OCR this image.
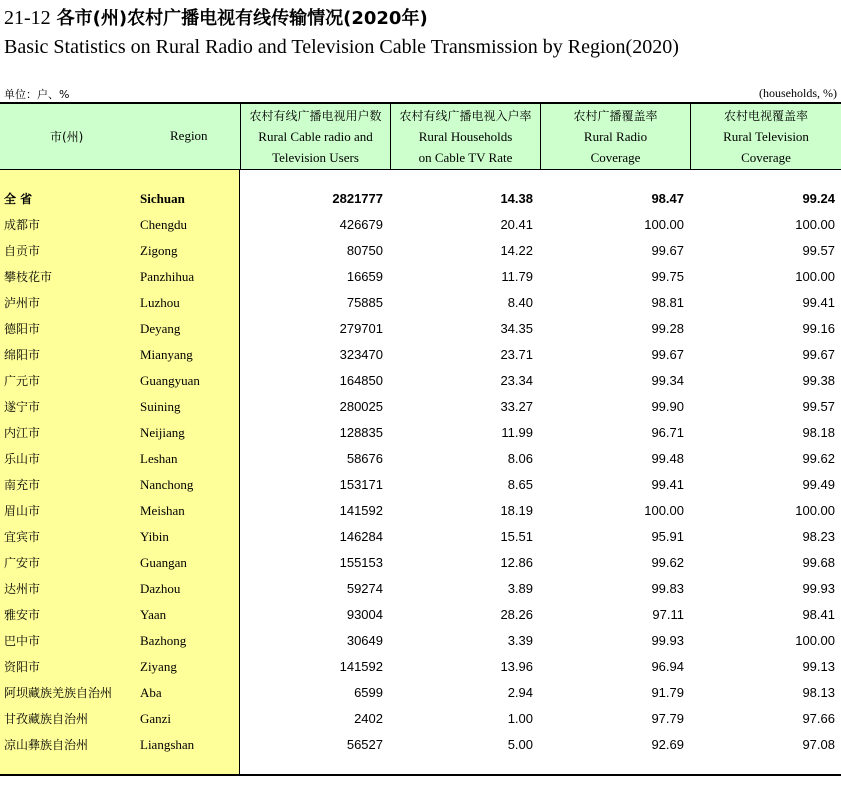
21-12 各市(州)农村广播电视有线传输情况(2020年)
Basic Statistics on Rural Radio and Television Cable Transmission by Region(2020)
单位：户、%	(households, %)
市(州)	Region
农村有线广播电视用户数
Rural Cable radio and
Television Users
农村有线广播电视入户率
Rural Households
on Cable TV Rate
农村广播覆盖率
Rural Radio
Coverage
农村电视覆盖率
Rural Television
Coverage
全 省	Sichuan	2821777	14.38	98.47	99.24
成都市	Chengdu	426679	20.41	100.00	100.00
自贡市	Zigong	80750	14.22	99.67	99.57
攀枝花市	Panzhihua	16659	11.79	99.75	100.00
泸州市	Luzhou	75885	8.40	98.81	99.41
德阳市	Deyang	279701	34.35	99.28	99.16
绵阳市	Mianyang	323470	23.71	99.67	99.67
广元市	Guangyuan	164850	23.34	99.34	99.38
遂宁市	Suining	280025	33.27	99.90	99.57
内江市	Neijiang	128835	11.99	96.71	98.18
乐山市	Leshan	58676	8.06	99.48	99.62
南充市	Nanchong	153171	8.65	99.41	99.49
眉山市	Meishan	141592	18.19	100.00	100.00
宜宾市	Yibin	146284	15.51	95.91	98.23
广安市	Guangan	155153	12.86	99.62	99.68
达州市	Dazhou	59274	3.89	99.83	99.93
雅安市	Yaan	93004	28.26	97.11	98.41
巴中市	Bazhong	30649	3.39	99.93	100.00
资阳市	Ziyang	141592	13.96	96.94	99.13
阿坝藏族羌族自治州 Aba	6599	2.94	91.79	98.13
甘孜藏族自治州	Ganzi	2402	1.00	97.79	97.66
凉山彝族自治州	Liangshan	56527	5.00	92.69	97.08
